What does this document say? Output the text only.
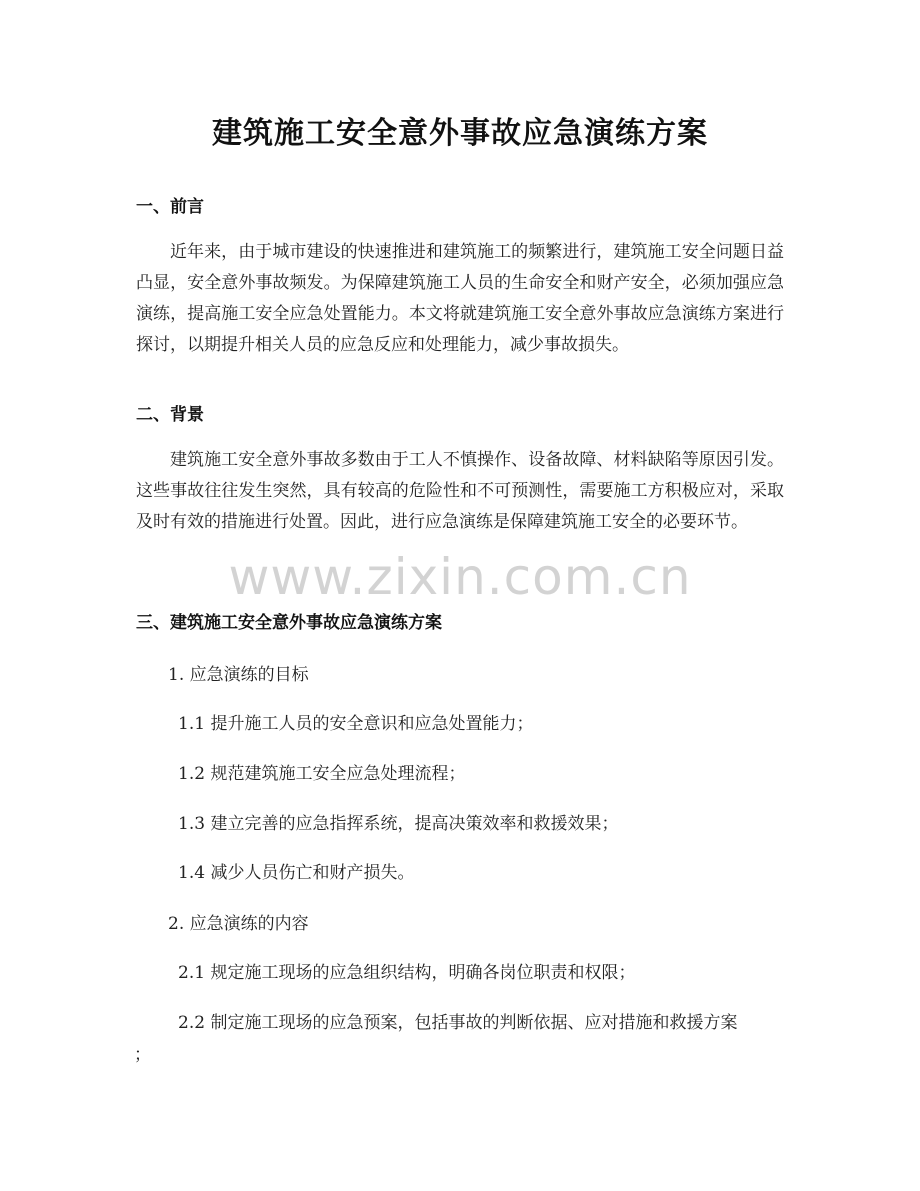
www.zixin.com.cn
建筑施工安全意外事故应急演练方案
一、前言

近年来，由于城市建设的快速推进和建筑施工的频繁进行，建筑施工安全问题日益凸显，安全意外事故频发。为保障建筑施工人员的生命安全和财产安全，必须加强应急演练，提高施工安全应急处置能力。本文将就建筑施工安全意外事故应急演练方案进行探讨，以期提升相关人员的应急反应和处理能力，减少事故损失。

二、背景

建筑施工安全意外事故多数由于工人不慎操作、设备故障、材料缺陷等原因引发。这些事故往往发生突然，具有较高的危险性和不可预测性，需要施工方积极应对，采取及时有效的措施进行处置。因此，进行应急演练是保障建筑施工安全的必要环节。

三、建筑施工安全意外事故应急演练方案

1. 应急演练的目标

1.1 提升施工人员的安全意识和应急处置能力；

1.2 规范建筑施工安全应急处理流程；

1.3 建立完善的应急指挥系统，提高决策效率和救援效果；

1.4 减少人员伤亡和财产损失。

2. 应急演练的内容

2.1 规定施工现场的应急组织结构，明确各岗位职责和权限；

2.2 制定施工现场的应急预案，包括事故的判断依据、应对措施和救援方案

；
